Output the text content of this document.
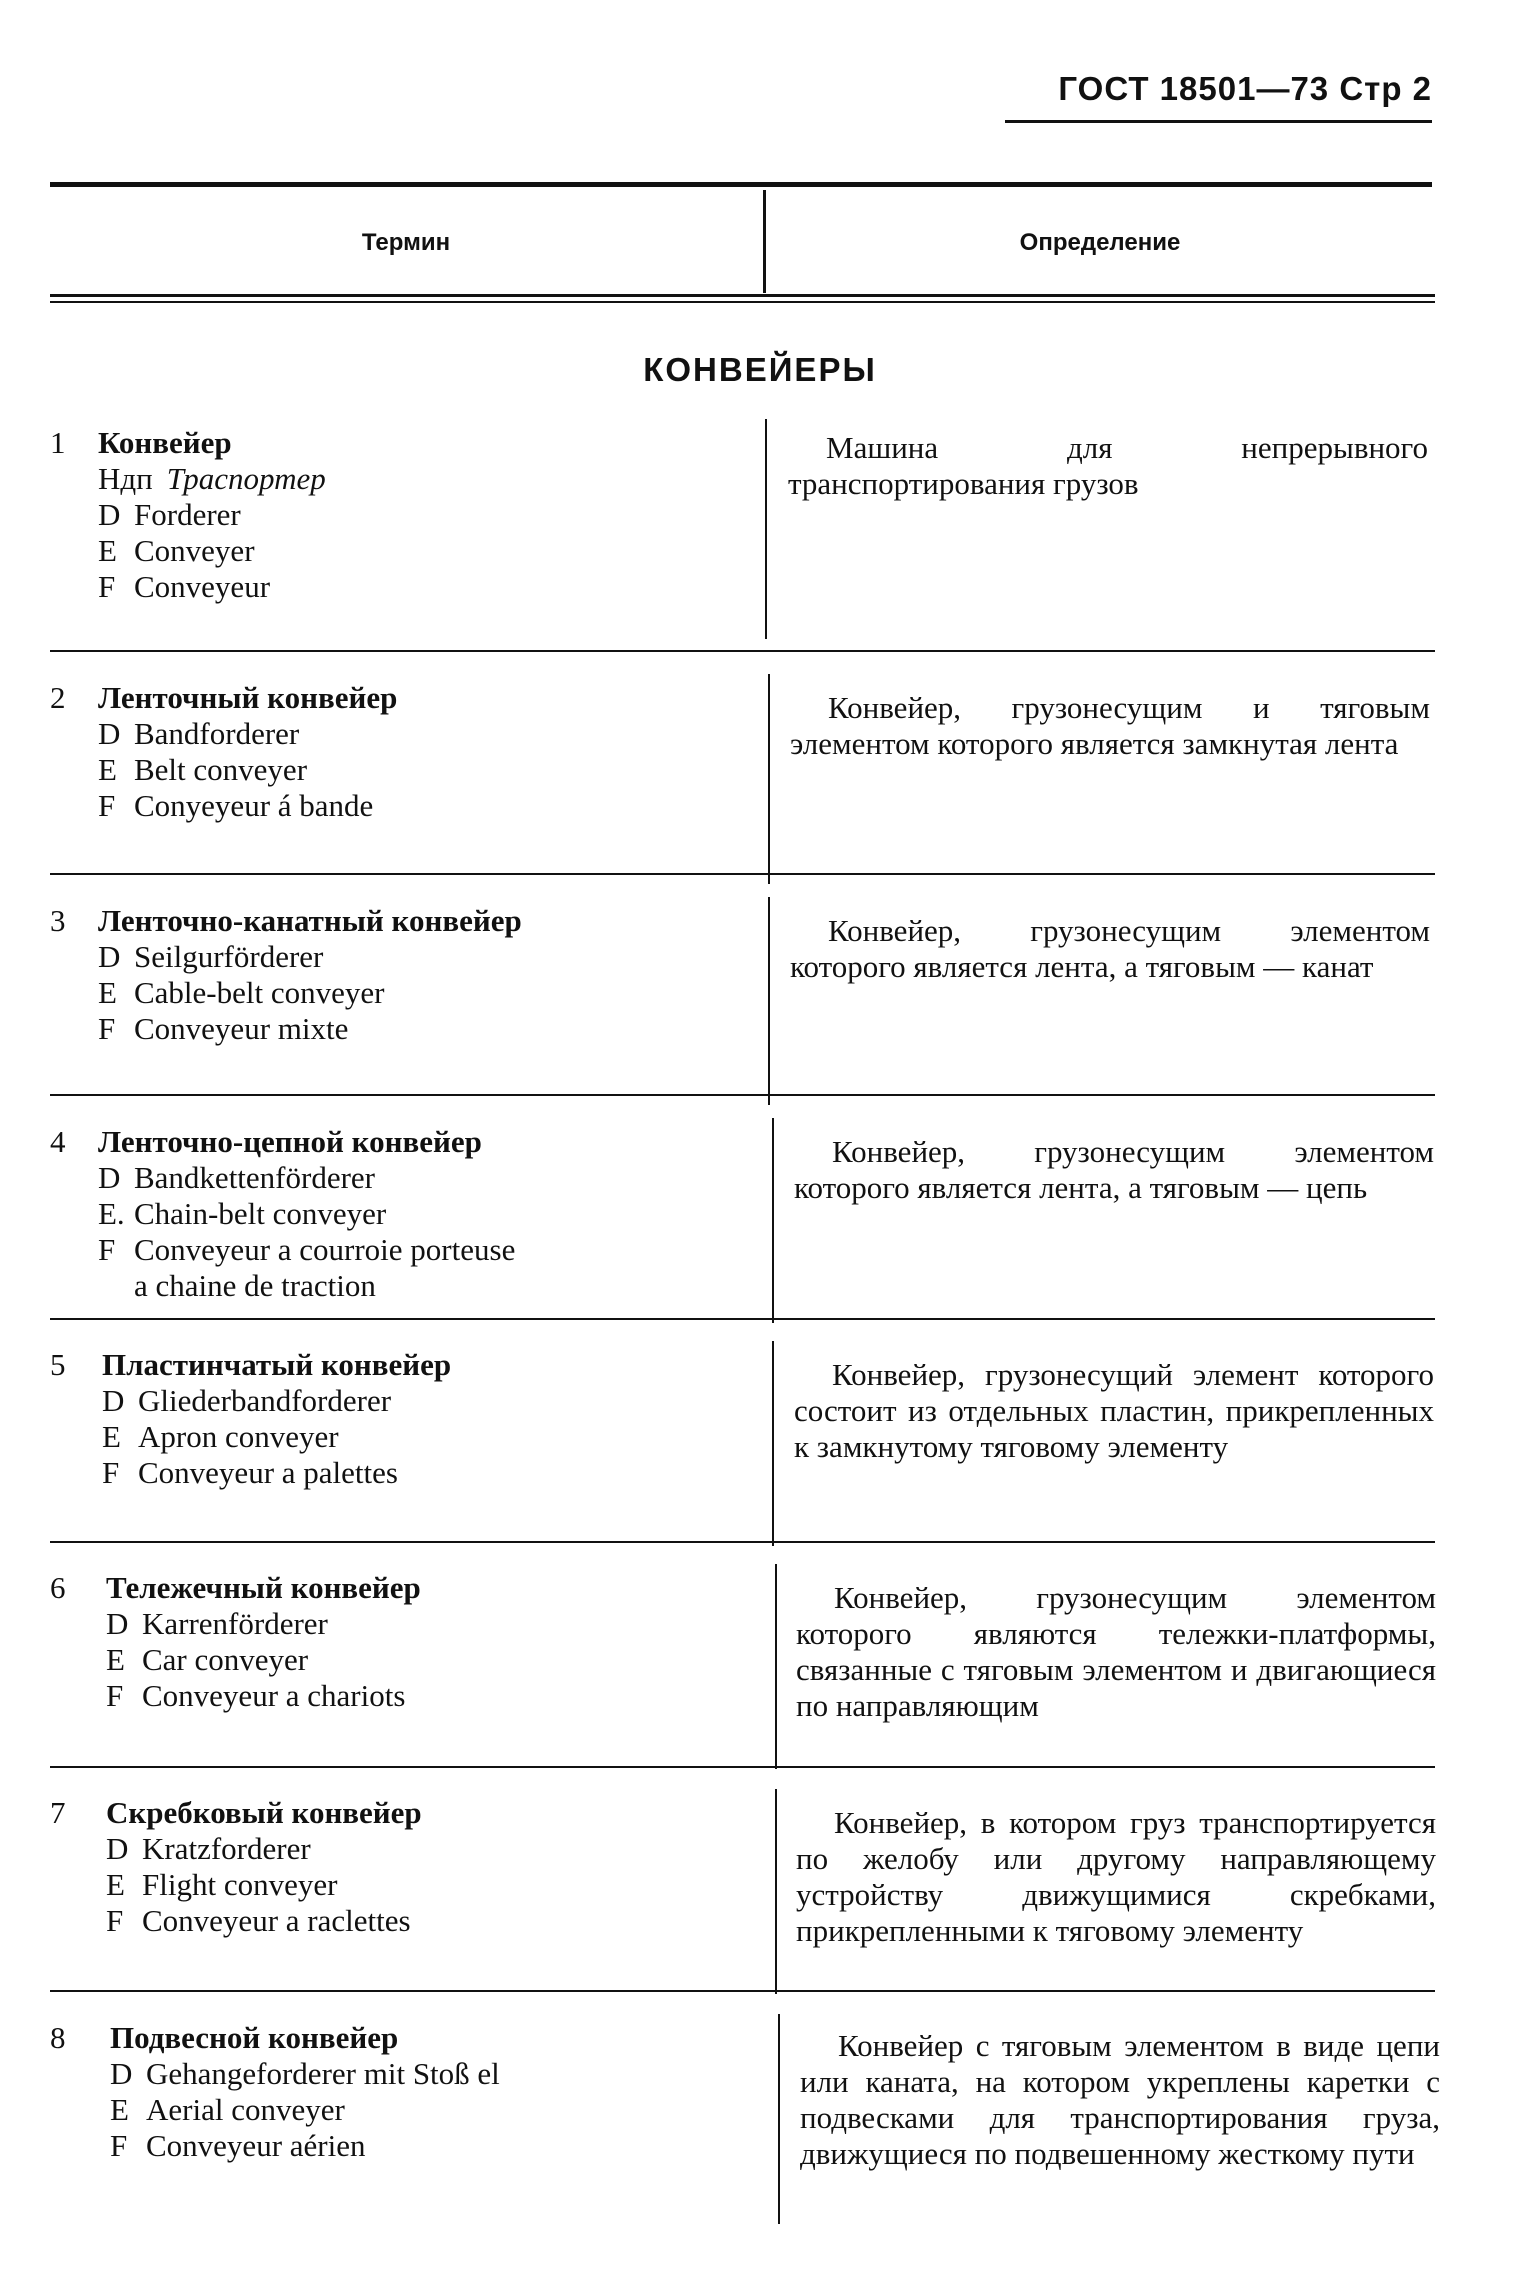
ГОСТ 18501—73 Стр 2
Термин	Определение
КОНВЕЙЕРЫ
1 Конвейер
Ндп Траспортер
D Forderer
E Conveyer
F Conveyeur
Машина для непрерывного транспортирования грузов
2 Ленточный конвейер
D Bandforderer
E Belt conveyer
F Conyeyeur á bande
Конвейер, грузонесущим и тяговым элементом которого является замкнутая лента
3 Ленточно-канатный конвейер
D Seilgurförderer
E Cable-belt conveyer
F Conveyeur mixte
Конвейер, грузонесущим элементом которого является лента, а тяговым — канат
4 Ленточно-цепной конвейер
D Bandkettenförderer
E. Chain-belt conveyer
F Conveyeur a courroie porteuse
a chaine de traction
Конвейер, грузонесущим элементом которого является лента, а тяговым — цепь
5 Пластинчатый конвейер
D Gliederbandforderer
E Apron conveyer
F Conveyeur a palettes
Конвейер, грузонесущий элемент которого состоит из отдельных пластин, прикрепленных к замкнутому тяговому элементу
6 Тележечный конвейер
D Karrenförderer
E Car conveyer
F Conveyeur a chariots
Конвейер, грузонесущим элементом которого являются тележки-платформы, связанные с тяговым элементом и двигающиеся по направляющим
7 Скребковый конвейер
D Kratzforderer
E Flight conveyer
F Conveyeur a raclettes
Конвейер, в котором груз транспортируется по желобу или другому направляющему устройству движущимися скребками, прикрепленными к тяговому элементу
8 Подвесной конвейер
D Gehangeforderer mit Stoß el
E Aerial conveyer
F Conveyeur aérien
Конвейер с тяговым элементом в виде цепи или каната, на котором укреплены каретки с подвесками для транспортирования груза, движущиеся по подвешенному жесткому пути
